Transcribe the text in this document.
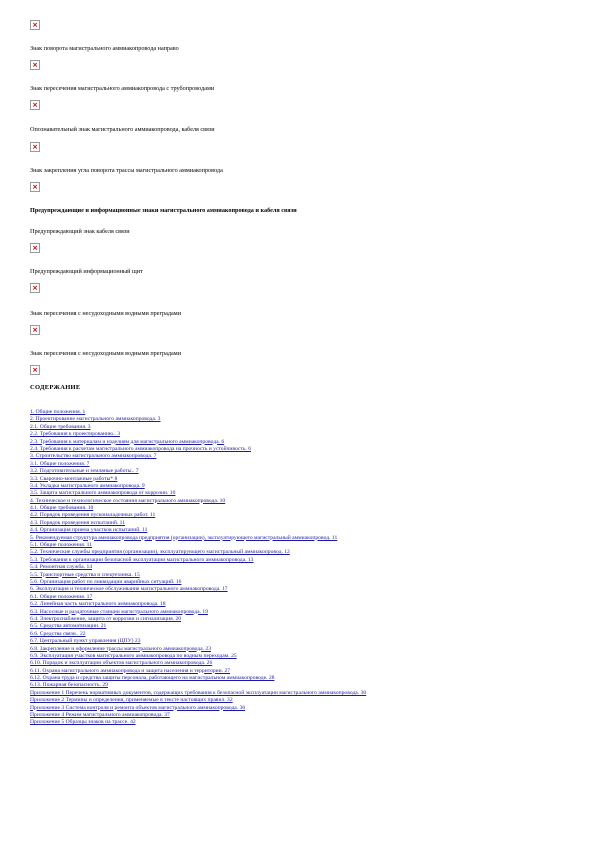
×
Знак поворота магистрального аммиакопровода направо
×
Знак пересечения магистрального аммиакопровода с трубопроводами
×
Опознавательный знак магистрального аммиакопровода, кабеля связи
×
Знак закрепления угла поворота трассы магистрального аммиакопровода
×
Предупреждающие и информационные знаки магистрального аммиакопровода и кабеля связи
×
Предупреждающий знак кабеля связи
×
Предупреждающий информационный щит
×
Знак пересечения с несудоходными водными преградами
×
Знак пересечения с несудоходными водными преградами
СОДЕРЖАНИЕ
1. Общие положения. 1
2. Проектирование магистрального аммиакопровода. 3
2.1. Общие требования. 3
2.2. Требования к проектированию.. 3
2.3. Требования к материалам и изделиям для магистрального аммиакопровода. 6
2.4. Требования к расчетам магистрального аммиакопровода на прочность и устойчивость. 6
3. Строительство магистрального аммиакопровода. 7
3.1. Общие положения. 7
3.2. Подготовительные и земляные работы.. 7
3.3. Сварочно-монтажные работы* 8
3.4. Укладка магистрального аммиакопровода. 9
3.5. Защита магистрального аммиакопровода от коррозии. 10
4. Техническое и технологическое состояния магистрального аммиакопровода. 10
4.1. Общие требования. 10
4.2. Порядок проведения пусконаладочных работ. 11
4.3. Порядок проведения испытаний. 11
4.4. Организация приема участков испытаний. 11
5. Рекомендуемая структура аммиакопровода предприятия (организации), эксплуатирующего магистральный аммиакопровод. 11
5.1. Общие положения. 11
5.2. Технические службы предприятия (организации), эксплуатирующего магистральный аммиакопровод. 12
5.3. Требования к организации безопасной эксплуатации магистрального аммиакопровода. 13
5.4. Ремонтная служба. 14
5.5. Транспортные средства и спецтехника. 15
5.6. Организация работ по ликвидации аварийных ситуаций. 16
6. Эксплуатация и техническое обслуживание магистрального аммиакопровода. 17
6.1. Общие положения. 17
6.2. Линейная часть магистрального аммиакопровода. 18
6.3. Насосные и раздаточные станции магистрального аммиакопровода. 19
6.4. Электроснабжение, защита от коррозии и сигнализация. 20
6.5. Средства автоматизации. 21
6.6. Средства связи.. 22
6.7. Центральный пункт управления (ЦПУ) 23
6.8. Закрепление и оформление трассы магистрального аммиакопровода. 23
6.9. Эксплуатация участков магистрального аммиакопровода по водным переходам. 25
6.10. Порядок и эксплуатации объектов магистрального аммиакопровода. 26
6.11. Охрана магистрального аммиакопровода и защита населения и территории. 27
6.12. Охрана труда и средства защиты персонала, работающего на магистральном аммиакопроводе. 28
6.13. Пожарная безопасность. 29
Приложение 1 Перечень нормативных документов, содержащих требования к безопасной эксплуатации магистрального аммиакопровода. 30
Приложение 2 Термины и определения, применяемые в тексте настоящих правил. 32
Приложение 3 Система контроля и ремонта объектов магистрального аммиакопровода. 36
Приложение 4 Режим магистрального аммиакопровода. 37
Приложение 5 Образцы знаков на трассе. 42
